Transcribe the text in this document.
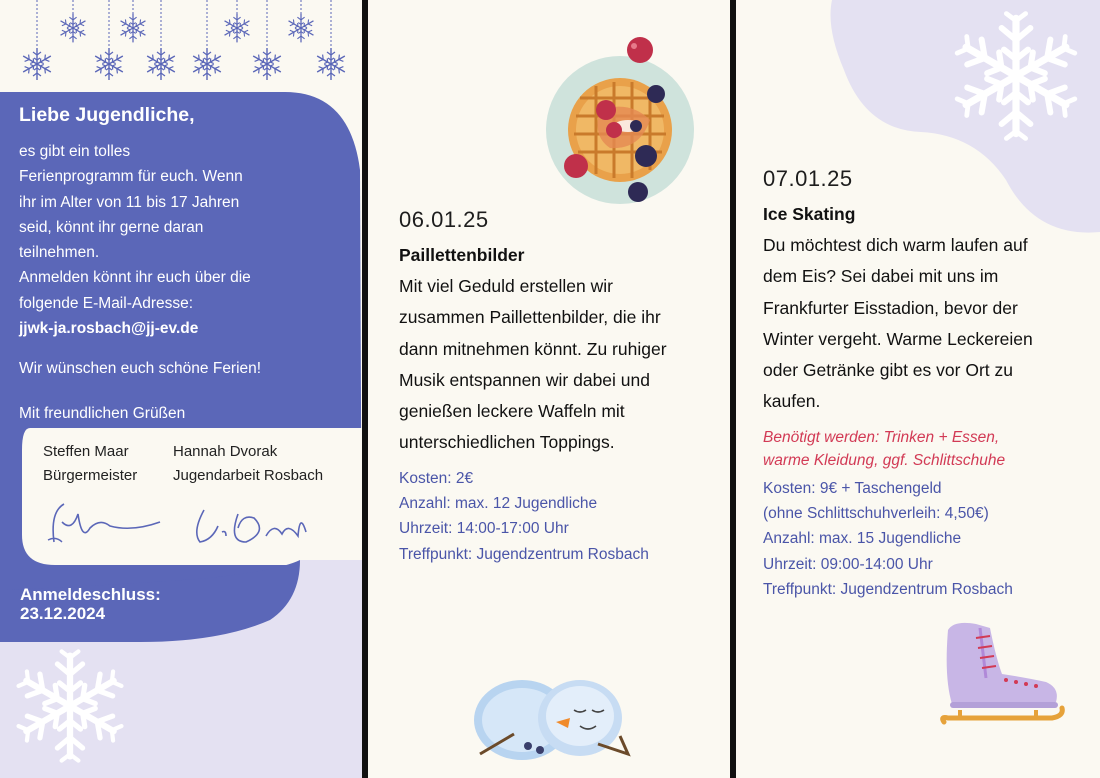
Liebe Jugendliche,
es gibt ein tolles
Ferienprogramm für euch. Wenn
ihr im Alter von 11 bis 17 Jahren
seid, könnt ihr gerne daran
teilnehmen.
Anmelden könnt ihr euch über die
folgende E-Mail-Adresse:
jjwk-ja.rosbach@jj-ev.de
Wir wünschen euch schöne Ferien!
Mit freundlichen Grüßen
Steffen Maar
Bürgermeister
Hannah Dvorak
Jugendarbeit Rosbach
Anmeldeschluss:
23.12.2024
06.01.25
Paillettenbilder
Mit viel Geduld erstellen wir
zusammen Paillettenbilder, die ihr
dann mitnehmen könnt. Zu ruhiger
Musik entspannen wir dabei und
genießen leckere Waffeln mit
unterschiedlichen Toppings.
Kosten: 2€
Anzahl: max. 12 Jugendliche
Uhrzeit: 14:00-17:00 Uhr
Treffpunkt: Jugendzentrum Rosbach
07.01.25
Ice Skating
Du möchtest dich warm laufen auf
dem Eis? Sei dabei mit uns im
Frankfurter Eisstadion, bevor der
Winter vergeht. Warme Leckereien
oder Getränke gibt es vor Ort zu
kaufen.
Benötigt werden: Trinken + Essen,
warme Kleidung, ggf. Schlittschuhe
Kosten: 9€ + Taschengeld
(ohne Schlittschuhverleih: 4,50€)
Anzahl: max. 15 Jugendliche
Uhrzeit: 09:00-14:00 Uhr
Treffpunkt: Jugendzentrum Rosbach
